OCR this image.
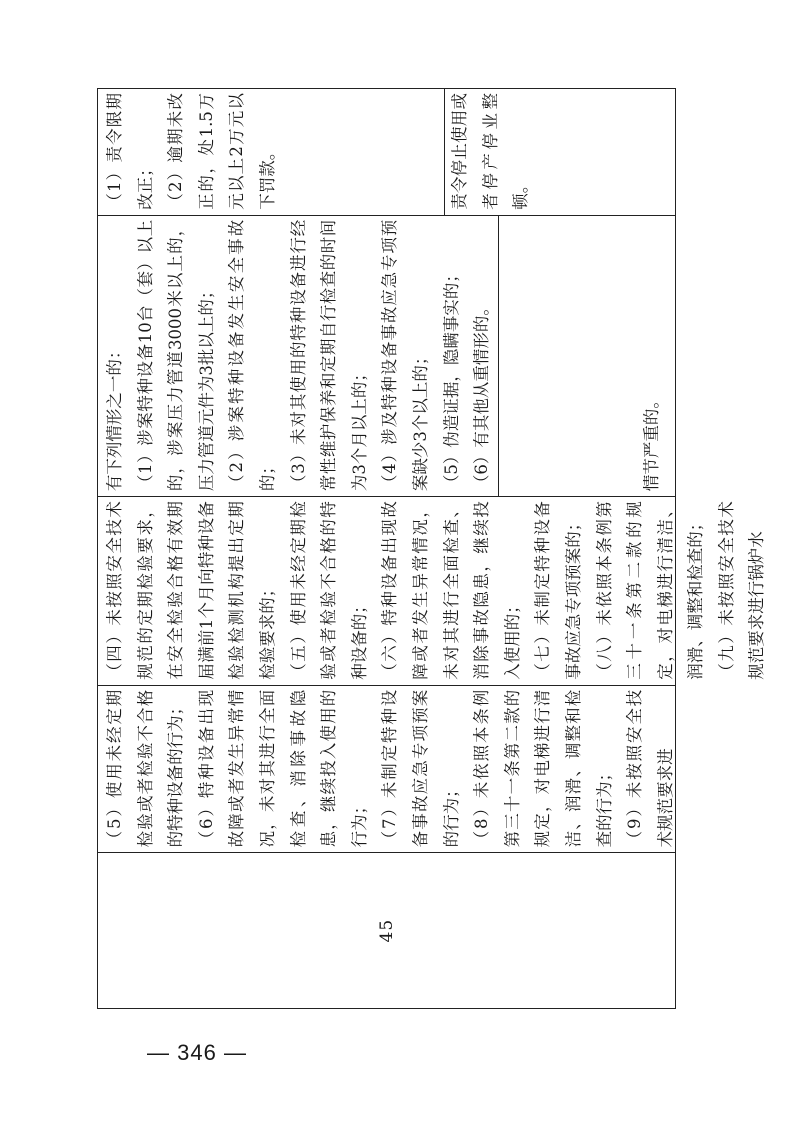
45

（5）使用未经定期检验或者检验不合格的特种设备的行为； （6）特种设备出现故障或者发生异常情况，未对其进行全面检查、消除事故隐患，继续投入使用的行为； （7）未制定特种设备事故应急专项预案的行为； （8）未依照本条例第三十一条第二款的规定，对电梯进行清洁、润滑、调整和检查的行为； （9）未按照安全技术规范要求进

（四）未按照安全技术规范的定期检验要求，在安全检验合格有效期届满前1个月向特种设备检验检测机构提出定期检验要求的； （五）使用未经定期检验或者检验不合格的特种设备的； （六）特种设备出现故障或者发生异常情况，未对其进行全面检查、消除事故隐患，继续投入使用的； （七）未制定特种设备事故应急专项预案的； （八）未依照本条例第三十一条第二款的规定，对电梯进行清洁、润滑、调整和检查的； （九）未按照安全技术规范要求进行锅炉水

有下列情形之一的： （1）涉案特种设备10台（套）以上的，涉案压力管道3000米以上的，压力管道元件为3批以上的； （2）涉案特种设备发生安全事故的； （3）未对其使用的特种设备进行经常性维护保养和定期自行检查的时间为3个月以上的； （4）涉及特种设备事故应急专项预案缺少3个以上的； （5）伪造证据，隐瞒事实的； （6）有其他从重情形的。	情节严重的。

（1）责令限期改正； （2）逾期未改正的，处1.5万元以上2万元以下罚款。	责令停止使用或者停产停业整顿。
— 346 —
